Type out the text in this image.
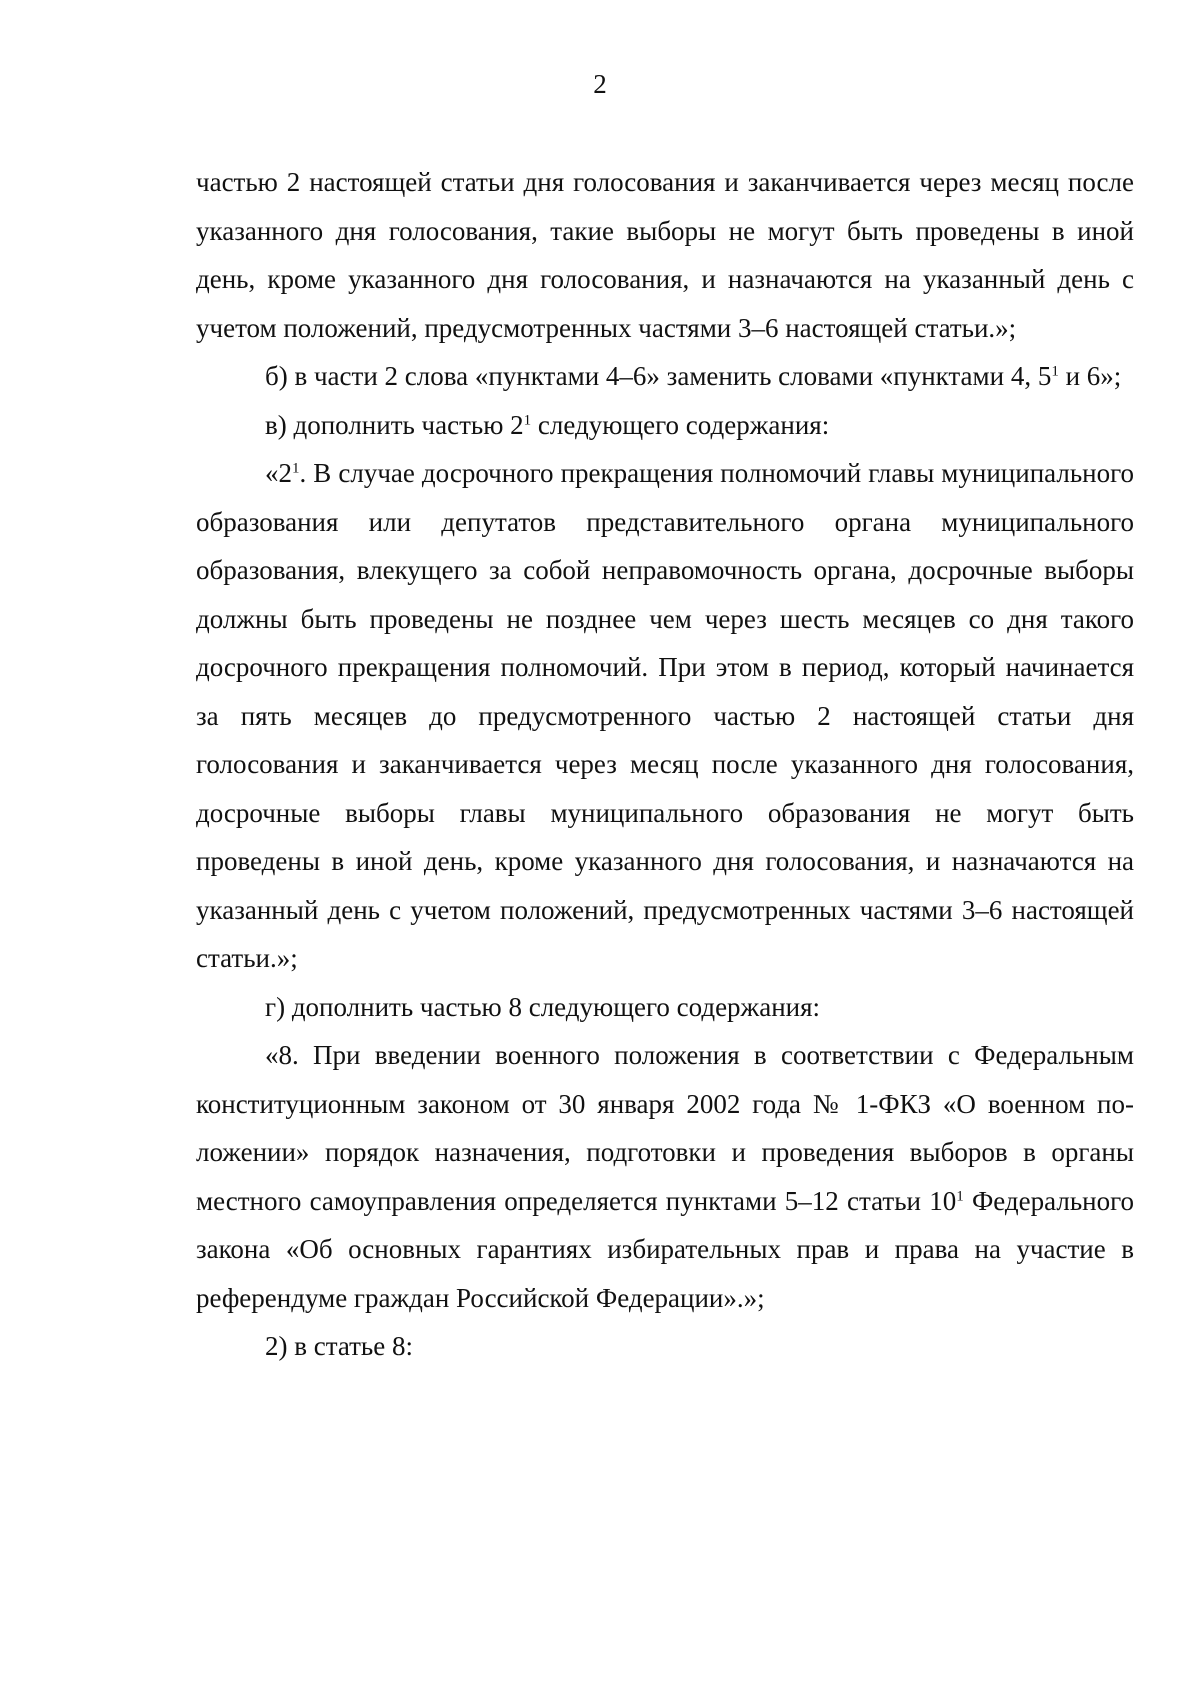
2

частью 2 настоящей статьи дня голосования и заканчивается через месяц после указанного дня голосования, такие выборы не могут быть проведены в иной день, кроме указанного дня голосования, и назначаются на указанный день с учетом положений, предусмотренных частями 3–6 настоящей статьи.»;

б) в части 2 слова «пунктами 4–6» заменить словами «пунктами 4, $5^1$ и 6»;

в) дополнить частью $2^1$ следующего содержания:

«$2^1$. В случае досрочного прекращения полномочий главы муниципального образования или депутатов представительного органа муниципального образования, влекущего за собой неправомочность органа, досрочные выборы должны быть проведены не позднее чем через шесть месяцев со дня такого досрочного прекращения полномочий. При этом в период, который начинается за пять месяцев до предусмотренного частью 2 настоящей статьи дня голосования и заканчивается через месяц после указанного дня голосования, досрочные выборы главы муниципального образования не могут быть проведены в иной день, кроме указанного дня голосования, и назначаются на указанный день с учетом положений, предусмотренных частями 3–6 настоящей статьи.»;

г) дополнить частью 8 следующего содержания:

«8. При введении военного положения в соответствии с Федеральным конституционным законом от 30 января 2002 года № 1-ФКЗ «О военном положении» порядок назначения, подготовки и проведения выборов в органы местного самоуправления определяется пунктами 5–12 статьи $10^1$ Федерального закона «Об основных гарантиях избирательных прав и права на участие в референдуме граждан Российской Федерации».»;

2) в статье 8:
